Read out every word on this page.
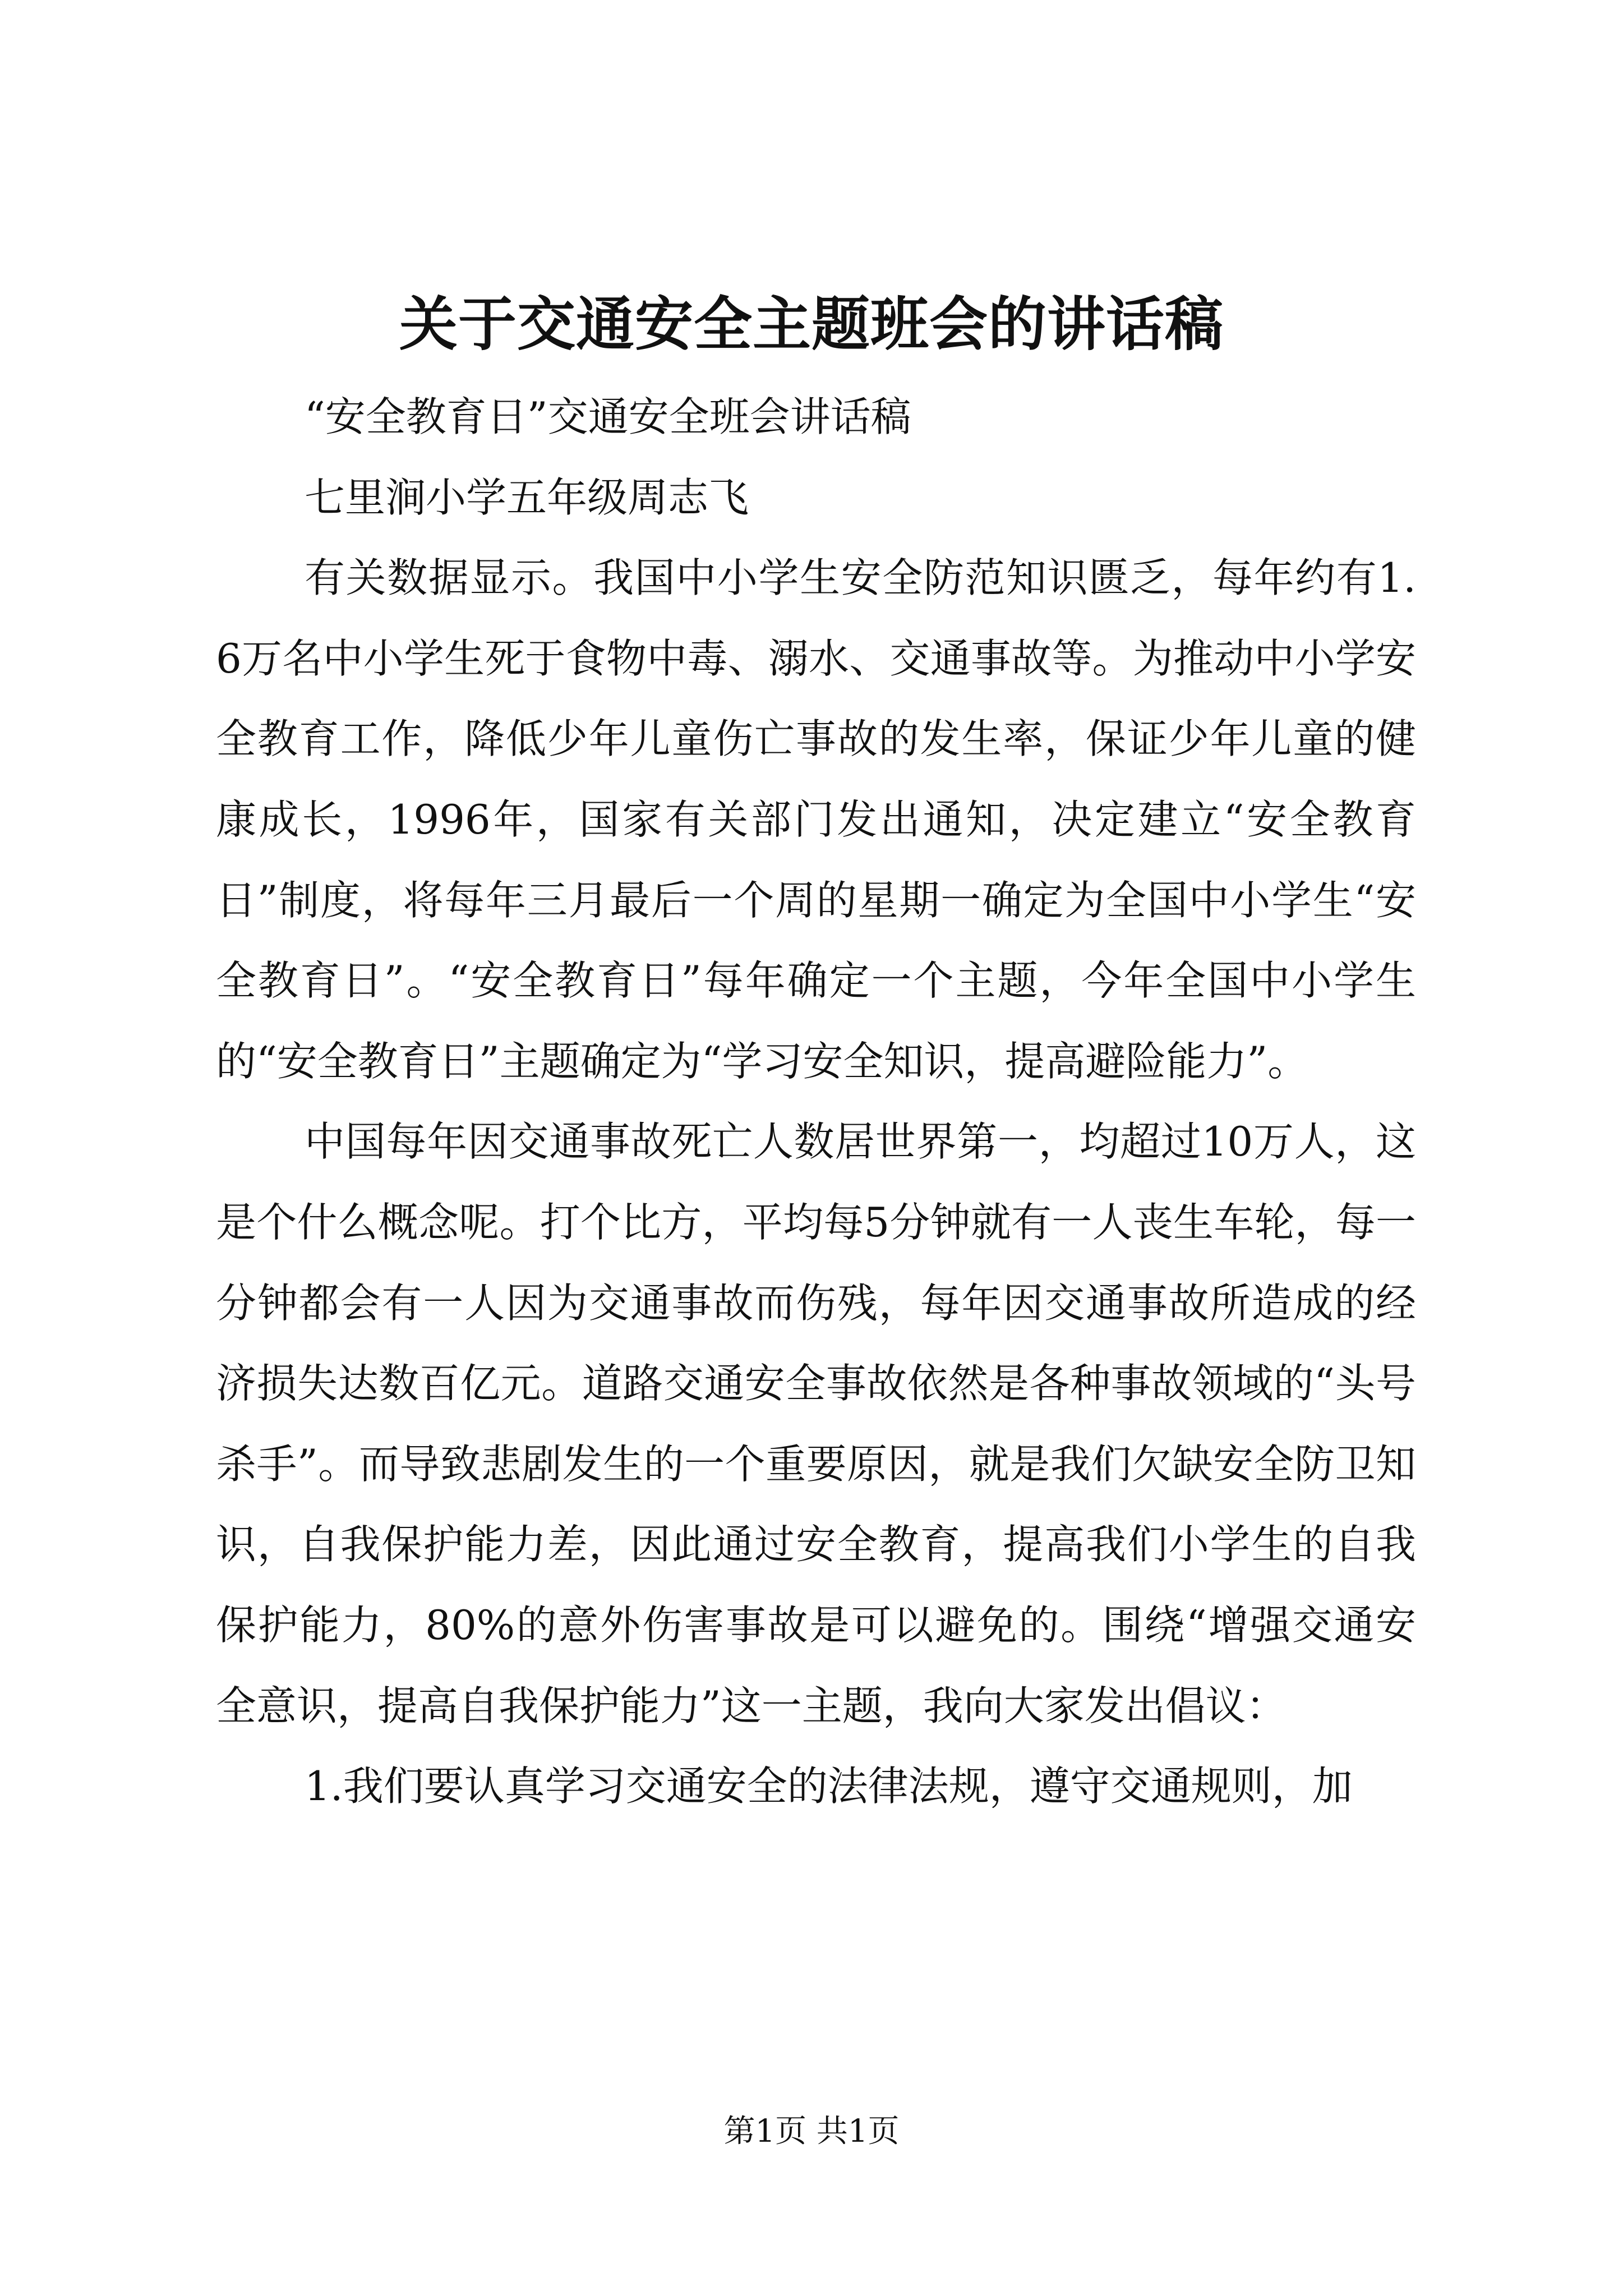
关于交通安全主题班会的讲话稿

“安全教育日”交通安全班会讲话稿

七里涧小学五年级周志飞

有关数据显示。我国中小学生安全防范知识匮乏，每年约有1.6万名中小学生死于食物中毒、溺水、交通事故等。为推动中小学安全教育工作，降低少年儿童伤亡事故的发生率，保证少年儿童的健康成长，1996年，国家有关部门发出通知，决定建立“安全教育日”制度，将每年三月最后一个周的星期一确定为全国中小学生“安全教育日”。“安全教育日”每年确定一个主题，今年全国中小学生的“安全教育日”主题确定为“学习安全知识，提高避险能力”。

中国每年因交通事故死亡人数居世界第一，均超过10万人，这是个什么概念呢。打个比方，平均每5分钟就有一人丧生车轮，每一分钟都会有一人因为交通事故而伤残，每年因交通事故所造成的经济损失达数百亿元。道路交通安全事故依然是各种事故领域的“头号杀手”。而导致悲剧发生的一个重要原因，就是我们欠缺安全防卫知识，自我保护能力差，因此通过安全教育，提高我们小学生的自我保护能力，80%的意外伤害事故是可以避免的。围绕“增强交通安全意识，提高自我保护能力”这一主题，我向大家发出倡议：

1.我们要认真学习交通安全的法律法规，遵守交通规则，加

第1页 共1页
